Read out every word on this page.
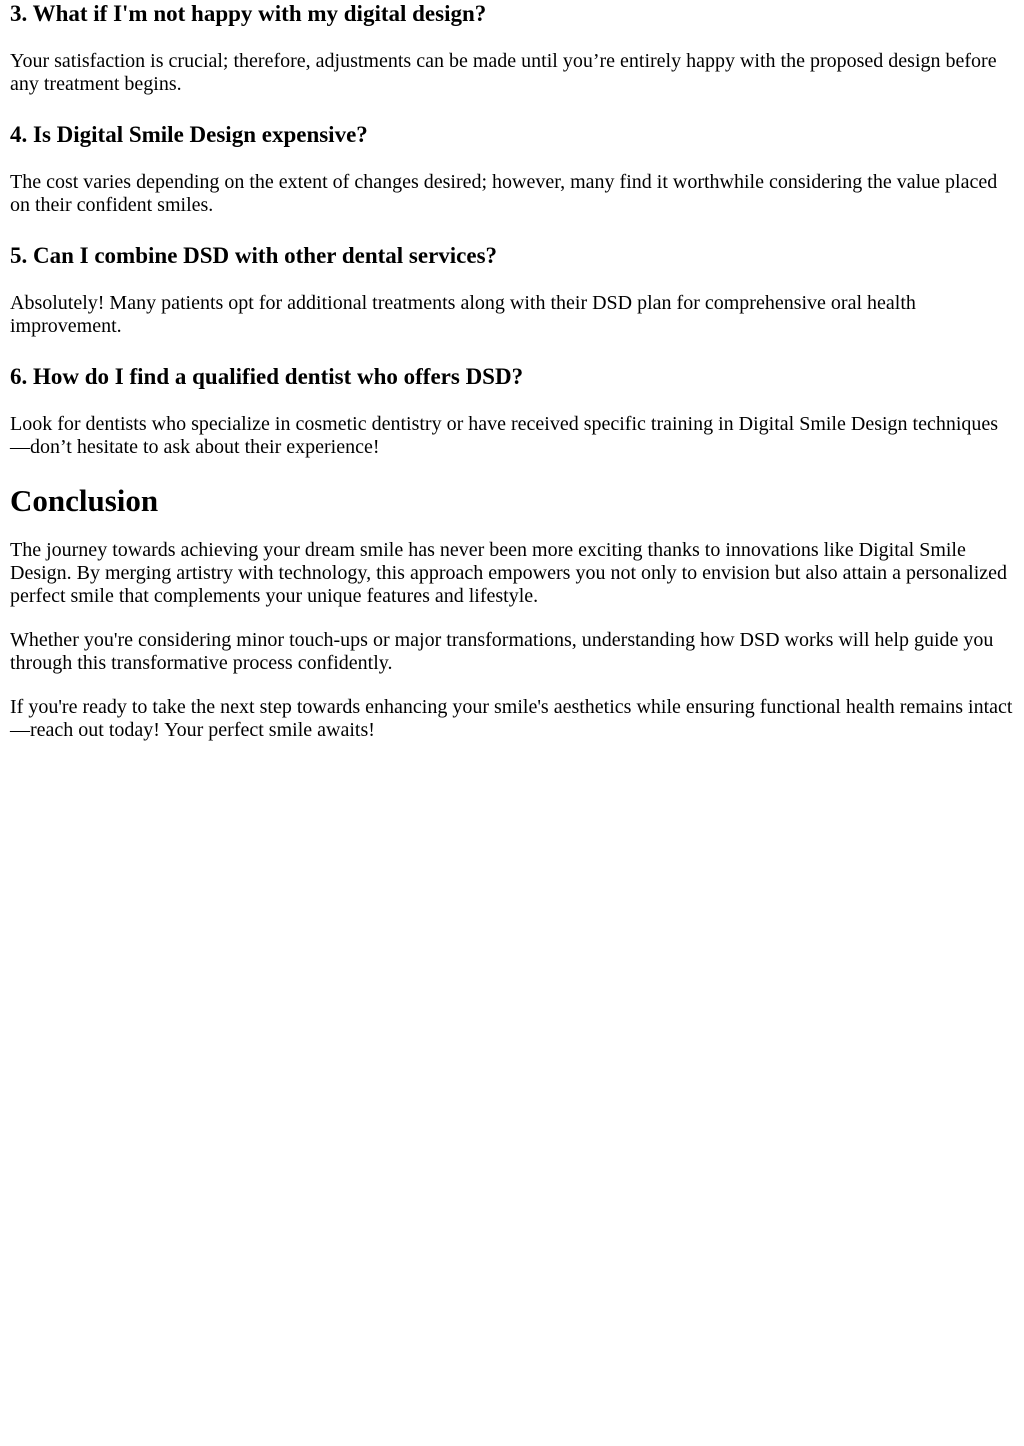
3. What if I'm not happy with my digital design?

Your satisfaction is crucial; therefore, adjustments can be made until you’re entirely happy with the proposed design before any treatment begins.

4. Is Digital Smile Design expensive?

The cost varies depending on the extent of changes desired; however, many find it worthwhile considering the value placed on their confident smiles.

5. Can I combine DSD with other dental services?

Absolutely! Many patients opt for additional treatments along with their DSD plan for comprehensive oral health improvement.

6. How do I find a qualified dentist who offers DSD?

Look for dentists who specialize in cosmetic dentistry or have received specific training in Digital Smile Design techniques—don’t hesitate to ask about their experience!

Conclusion

The journey towards achieving your dream smile has never been more exciting thanks to innovations like Digital Smile Design. By merging artistry with technology, this approach empowers you not only to envision but also attain a personalized perfect smile that complements your unique features and lifestyle.

Whether you're considering minor touch-ups or major transformations, understanding how DSD works will help guide you through this transformative process confidently.

If you're ready to take the next step towards enhancing your smile's aesthetics while ensuring functional health remains intact—reach out today! Your perfect smile awaits!
